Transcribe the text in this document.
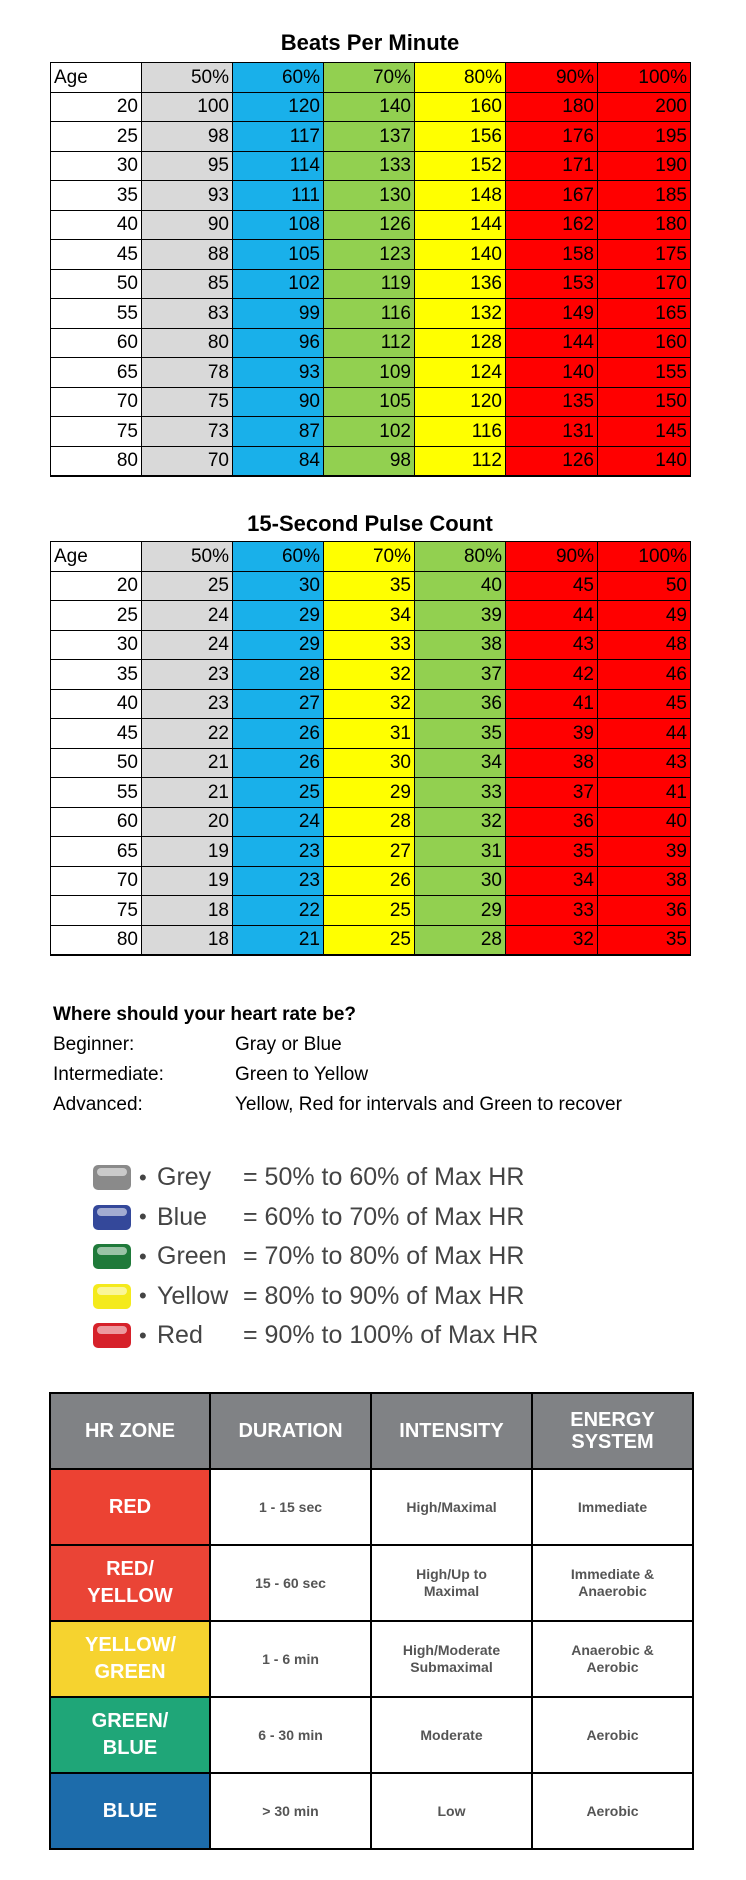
Beats Per Minute
Age	50%	60%	70%	80%	90%	100%
20	100	120	140	160	180	200
25	98	117	137	156	176	195
30	95	114	133	152	171	190
35	93	111	130	148	167	185
40	90	108	126	144	162	180
45	88	105	123	140	158	175
50	85	102	119	136	153	170
55	83	99	116	132	149	165
60	80	96	112	128	144	160
65	78	93	109	124	140	155
70	75	90	105	120	135	150
75	73	87	102	116	131	145
80	70	84	98	112	126	140
15-Second Pulse Count
Age	50%	60%	70%	80%	90%	100%
20	25	30	35	40	45	50
25	24	29	34	39	44	49
30	24	29	33	38	43	48
35	23	28	32	37	42	46
40	23	27	32	36	41	45
45	22	26	31	35	39	44
50	21	26	30	34	38	43
55	21	25	29	33	37	41
60	20	24	28	32	36	40
65	19	23	27	31	35	39
70	19	23	26	30	34	38
75	18	22	25	29	33	36
80	18	21	25	28	32	35
Where should your heart rate be?
Beginner:	Gray or Blue
Intermediate:	Green to Yellow
Advanced:	Yellow, Red for intervals and Green to recover
• Grey	= 50% to 60% of Max HR
• Blue	= 60% to 70% of Max HR
• Green = 70% to 80% of Max HR
• Yellow = 80% to 90% of Max HR
• Red	= 90% to 100% of Max HR
HR ZONE	DURATION	INTENSITY	ENERGY SYSTEM
RED	1 - 15 sec	High/Maximal	Immediate
RED/ YELLOW	15 - 60 sec	High/Up to Maximal	Immediate & Anaerobic
YELLOW/ GREEN	1 - 6 min	High/Moderate Submaximal	Anaerobic & Aerobic
GREEN/ BLUE	6 - 30 min	Moderate	Aerobic
BLUE	> 30 min	Low	Aerobic
